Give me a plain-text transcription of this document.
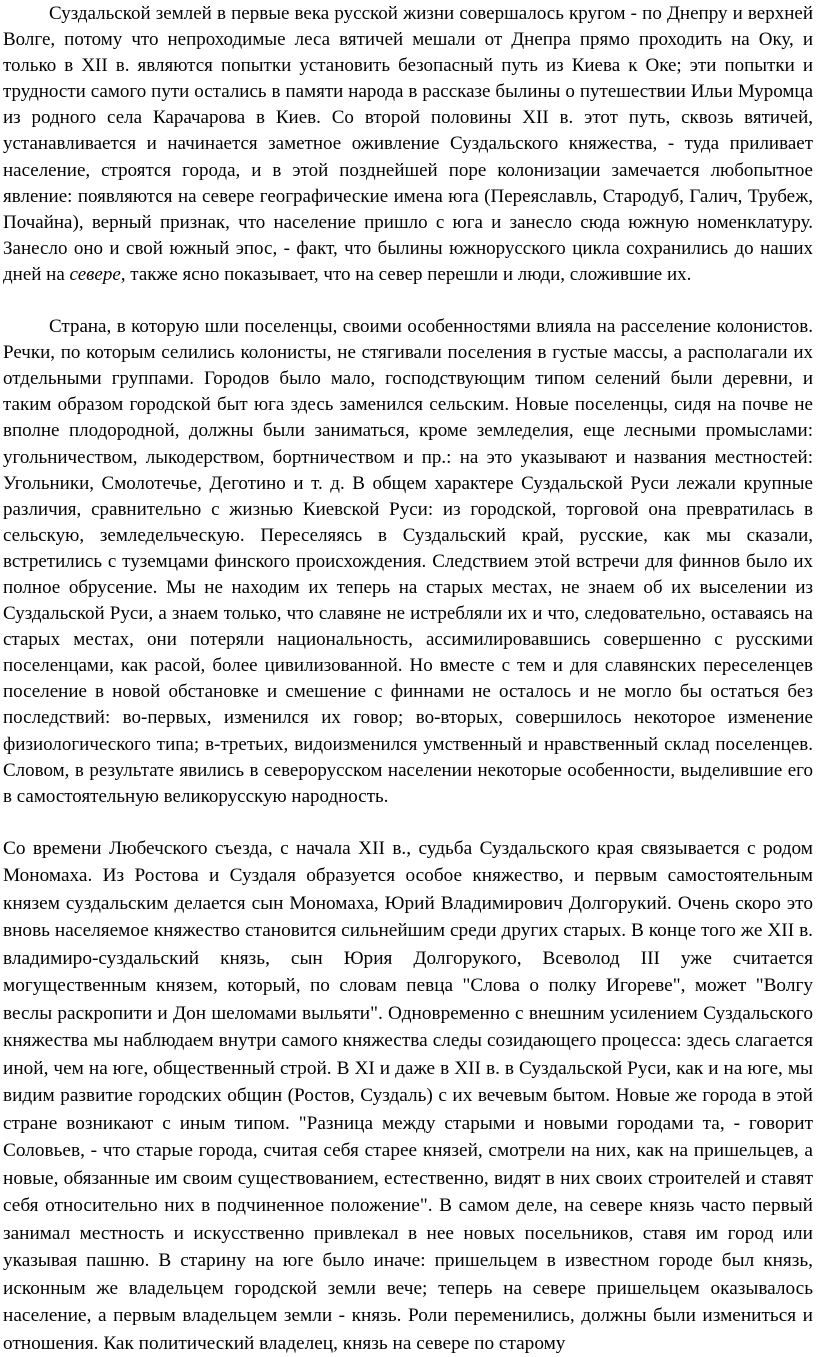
Суздальской землей в первые века русской жизни совершалось кругом - по Днепру и верхней Волге, потому что непроходимые леса вятичей мешали от Днепра прямо проходить на Оку, и только в XII в. являются попытки установить безопасный путь из Киева к Оке; эти попытки и трудности самого пути остались в памяти народа в рассказе былины о путешествии Ильи Муромца из родного села Карачарова в Киев. Со второй половины XII в. этот путь, сквозь вятичей, устанавливается и начинается заметное оживление Суздальского княжества, - туда приливает население, строятся города, и в этой позднейшей поре колонизации замечается любопытное явление: появляются на севере географические имена юга (Переяславль, Стародуб, Галич, Трубеж, Почайна), верный признак, что население пришло с юга и занесло сюда южную номенклатуру. Занесло оно и свой южный эпос, - факт, что былины южнорусского цикла сохранились до наших дней на севере, также ясно показывает, что на север перешли и люди, сложившие их.

Страна, в которую шли поселенцы, своими особенностями влияла на расселение колонистов. Речки, по которым селились колонисты, не стягивали поселения в густые массы, а располагали их отдельными группами. Городов было мало, господствующим типом селений были деревни, и таким образом городской быт юга здесь заменился сельским. Новые поселенцы, сидя на почве не вполне плодородной, должны были заниматься, кроме земледелия, еще лесными промыслами: угольничеством, лыкодерством, бортничеством и пр.: на это указывают и названия местностей: Угольники, Смолотечье, Деготино и т. д. В общем характере Суздальской Руси лежали крупные различия, сравнительно с жизнью Киевской Руси: из городской, торговой она превратилась в сельскую, земледельческую. Переселяясь в Суздальский край, русские, как мы сказали, встретились с туземцами финского происхождения. Следствием этой встречи для финнов было их полное обрусение. Мы не находим их теперь на старых местах, не знаем об их выселении из Суздальской Руси, а знаем только, что славяне не истребляли их и что, следовательно, оставаясь на старых местах, они потеряли национальность, ассимилировавшись совершенно с русскими поселенцами, как расой, более цивилизованной. Но вместе с тем и для славянских переселенцев поселение в новой обстановке и смешение с финнами не осталось и не могло бы остаться без последствий: во-первых, изменился их говор; во-вторых, совершилось некоторое изменение физиологического типа; в-третьих, видоизменился умственный и нравственный склад поселенцев. Словом, в результате явились в северорусском населении некоторые особенности, выделившие его в самостоятельную великорусскую народность.

Со времени Любечского съезда, с начала XII в., судьба Суздальского края связывается с родом Мономаха. Из Ростова и Суздаля образуется особое княжество, и первым самостоятельным князем суздальским делается сын Мономаха, Юрий Владимирович Долгорукий. Очень скоро это вновь населяемое княжество становится сильнейшим среди других старых. В конце того же XII в. владимиро-суздальский князь, сын Юрия Долгорукого, Всеволод III уже считается могущественным князем, который, по словам певца "Слова о полку Игореве", может "Волгу веслы раскропити и Дон шеломами выльяти". Одновременно с внешним усилением Суздальского княжества мы наблюдаем внутри самого княжества следы созидающего процесса: здесь слагается иной, чем на юге, общественный строй. В XI и даже в XII в. в Суздальской Руси, как и на юге, мы видим развитие городских общин (Ростов, Суздаль) с их вечевым бытом. Новые же города в этой стране возникают с иным типом. "Разница между старыми и новыми городами та, - говорит Соловьев, - что старые города, считая себя старее князей, смотрели на них, как на пришельцев, а новые, обязанные им своим существованием, естественно, видят в них своих строителей и ставят себя относительно них в подчиненное положение". В самом деле, на севере князь часто первый занимал местность и искусственно привлекал в нее новых посельников, ставя им город или указывая пашню. В старину на юге было иначе: пришельцем в известном городе был князь, исконным же владельцем городской земли вече; теперь на севере пришельцем оказывалось население, а первым владельцем земли - князь. Роли переменились, должны были измениться и отношения. Как политический владелец, князь на севере по старому
